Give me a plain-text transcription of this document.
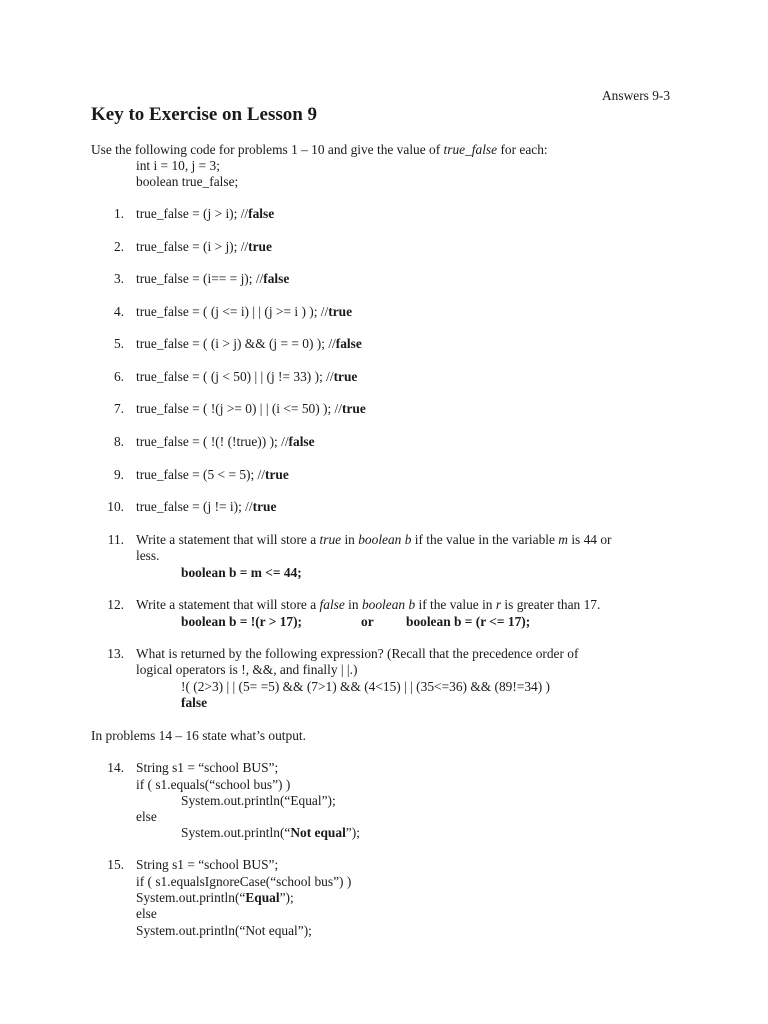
Answers 9-3
Key to Exercise on Lesson 9
Use the following code for problems 1 – 10 and give the value of true_false for each:
int i = 10, j = 3;
boolean true_false;
1. true_false = (j > i); //false
2. true_false = (i > j); //true
3. true_false = (i== = j); //false
4. true_false = ( (j <= i) | | (j >= i ) ); //true
5. true_false = ( (i > j) && (j = = 0) ); //false
6. true_false = ( (j < 50) | | (j != 33) ); //true
7. true_false = ( !(j >= 0) | | (i <= 50) ); //true
8. true_false = ( !(! (!true)) ); //false
9. true_false = (5 < = 5); //true
10. true_false = (j != i); //true
11. Write a statement that will store a true in boolean b if the value in the variable m is 44 or
less.
boolean b = m <= 44;
12. Write a statement that will store a false in boolean b if the value in r is greater than 17.
boolean b = !(r > 17);	or boolean b = (r <= 17);
13. What is returned by the following expression? (Recall that the precedence order of
logical operators is !, &&, and finally | |.)
!( (2>3) | | (5= =5) && (7>1) && (4<15) | | (35<=36) && (89!=34) )
false
In problems 14 – 16 state what’s output.
14. String s1 = “school BUS”;
if ( s1.equals(“school bus”) )
System.out.println(“Equal”);
else
System.out.println(“Not equal”);
15. String s1 = “school BUS”;
if ( s1.equalsIgnoreCase(“school bus”) )
System.out.println(“Equal”);
else
System.out.println(“Not equal”);
